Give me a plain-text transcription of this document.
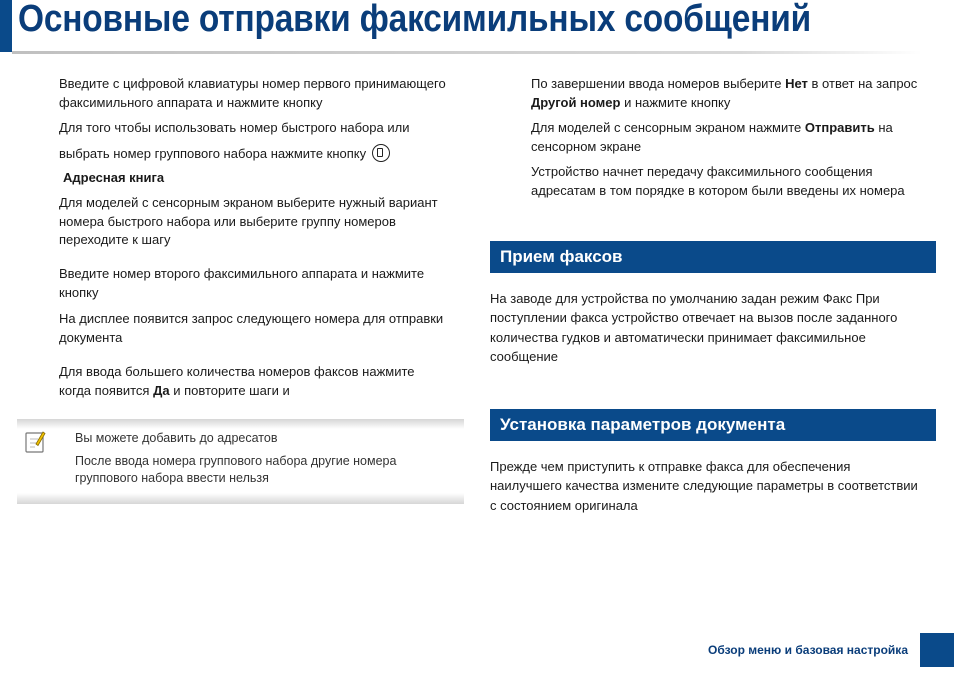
Основные отправки факсимильных сообщений
Введите с цифровой клавиатуры номер первого принимающего
факсимильного аппарата и нажмите кнопку
Для того чтобы использовать номер быстрого набора или
выбрать номер группового набора нажмите кнопку
Адресная книга
Для моделей с сенсорным экраном выберите нужный вариант
номера быстрого набора или выберите группу номеров
переходите к шагу
Введите номер второго факсимильного аппарата и нажмите
кнопку
На дисплее появится запрос следующего номера для отправки
документа
Для ввода большего количества номеров факсов нажмите
когда появится Да и повторите шаги и
Вы можете добавить до адресатов
После ввода номера группового набора другие номера
группового набора ввести нельзя
По завершении ввода номеров выберите Нет в ответ на запрос
Другой номер и нажмите кнопку
Для моделей с сенсорным экраном нажмите Отправить на
сенсорном экране
Устройство начнет передачу факсимильного сообщения
адресатам в том порядке в котором были введены их номера
Прием факсов
На заводе для устройства по умолчанию задан режим Факс При
поступлении факса устройство отвечает на вызов после заданного
количества гудков и автоматически принимает факсимильное
сообщение
Установка параметров документа
Прежде чем приступить к отправке факса для обеспечения
наилучшего качества измените следующие параметры в соответствии
с состоянием оригинала
Обзор меню и базовая настройка
